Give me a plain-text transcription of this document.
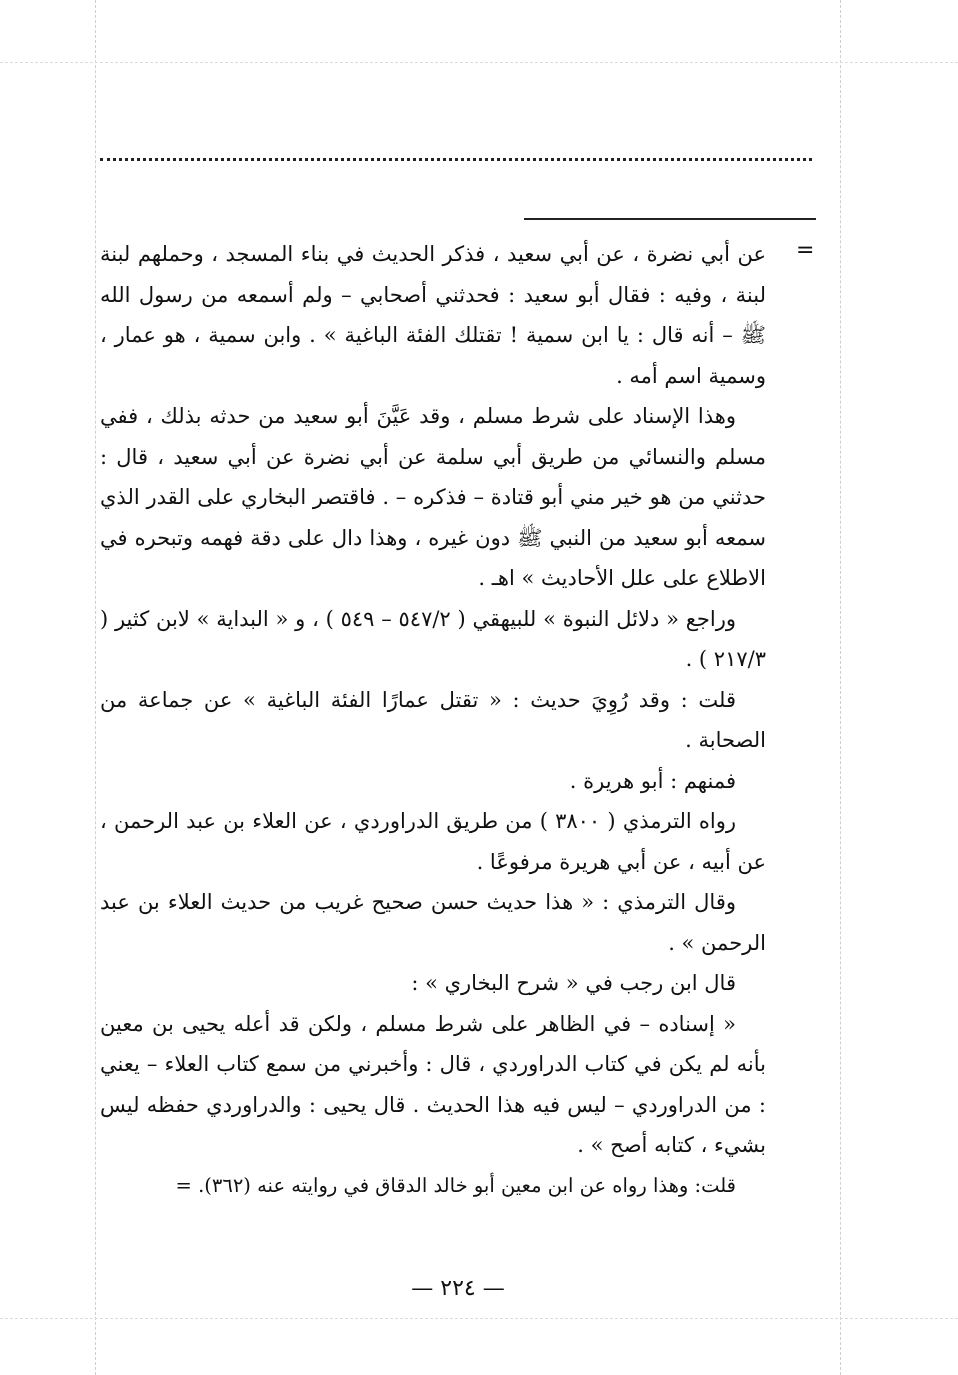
=

عن أبي نضرة ، عن أبي سعيد ، فذكر الحديث في بناء المسجد ، وحملهم لبنة لبنة ، وفيه : فقال أبو سعيد : فحدثني أصحابي – ولم أسمعه من رسول الله ﷺ – أنه قال : يا ابن سمية ! تقتلك الفئة الباغية » . وابن سمية ، هو عمار ، وسمية اسم أمه .

وهذا الإسناد على شرط مسلم ، وقد عَيَّنَ أبو سعيد من حدثه بذلك ، ففي مسلم والنسائي من طريق أبي سلمة عن أبي نضرة عن أبي سعيد ، قال : حدثني من هو خير مني أبو قتادة – فذكره – . فاقتصر البخاري على القدر الذي سمعه أبو سعيد من النبي ﷺ دون غيره ، وهذا دال على دقة فهمه وتبحره في الاطلاع على علل الأحاديث » اهـ .

وراجع « دلائل النبوة » للبيهقي ( ٥٤٧/٢ – ٥٤٩ ) ، و « البداية » لابن كثير ( ٢١٧/٣ ) .

قلت : وقد رُوِيَ حديث : « تقتل عمارًا الفئة الباغية » عن جماعة من الصحابة .

فمنهم : أبو هريرة .

رواه الترمذي ( ٣٨٠٠ ) من طريق الدراوردي ، عن العلاء بن عبد الرحمن ، عن أبيه ، عن أبي هريرة مرفوعًا .

وقال الترمذي : « هذا حديث حسن صحيح غريب من حديث العلاء بن عبد الرحمن » .

قال ابن رجب في « شرح البخاري » :

« إسناده – في الظاهر على شرط مسلم ، ولكن قد أعله يحيى بن معين بأنه لم يكن في كتاب الدراوردي ، قال : وأخبرني من سمع كتاب العلاء – يعني : من الدراوردي – ليس فيه هذا الحديث . قال يحيى : والدراوردي حفظه ليس بشيء ، كتابه أصح » .

قلت: وهذا رواه عن ابن معين أبو خالد الدقاق في روايته عنه (٣٦٢). =

— ٢٢٤ —
